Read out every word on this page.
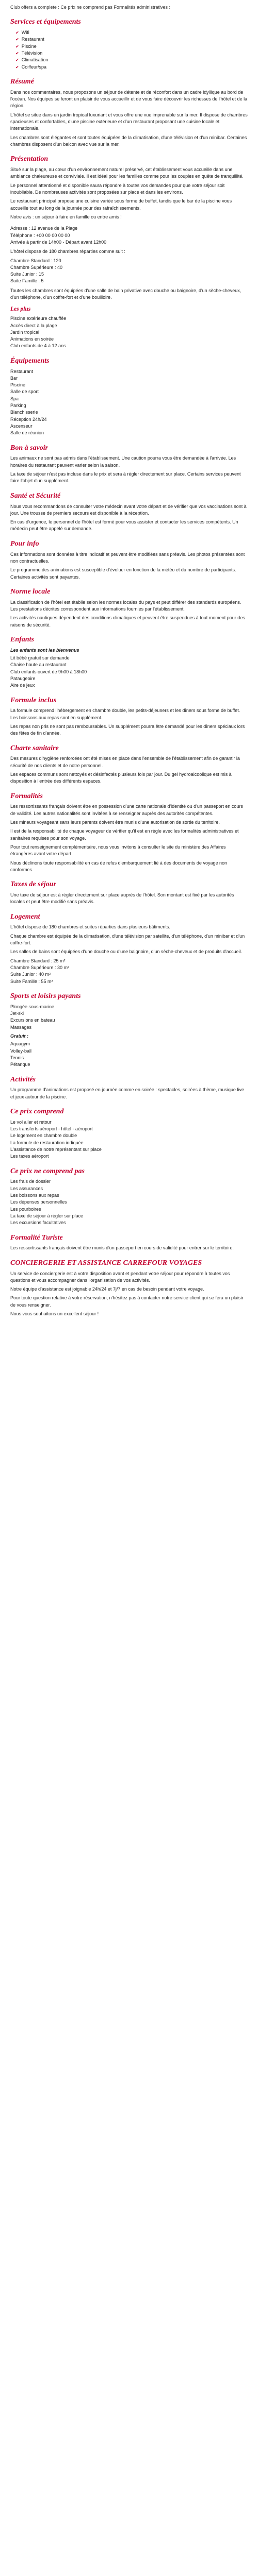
Club offers a complete : Ce prix ne comprend pas Formalités administratives :

Services et équipements
✔ Wifi
✔ Restaurant
✔ Piscine
✔ Télévision
✔ Climatisation
✔ Coiffeur/spa
Résumé

Dans nos commentaires, nous proposons un séjour de détente et de réconfort dans un cadre idyllique au bord de l'océan. Nos équipes se feront un plaisir de vous accueillir et de vous faire découvrir les richesses de l'hôtel et de la région.

L'hôtel se situe dans un jardin tropical luxuriant et vous offre une vue imprenable sur la mer. Il dispose de chambres spacieuses et confortables, d'une piscine extérieure et d'un restaurant proposant une cuisine locale et internationale.

Les chambres sont élégantes et sont toutes équipées de la climatisation, d'une télévision et d'un minibar. Certaines chambres disposent d'un balcon avec vue sur la mer.

Présentation

Situé sur la plage, au cœur d'un environnement naturel préservé, cet établissement vous accueille dans une ambiance chaleureuse et conviviale. Il est idéal pour les familles comme pour les couples en quête de tranquillité.

Le personnel attentionné et disponible saura répondre à toutes vos demandes pour que votre séjour soit inoubliable. De nombreuses activités sont proposées sur place et dans les environs.

Le restaurant principal propose une cuisine variée sous forme de buffet, tandis que le bar de la piscine vous accueille tout au long de la journée pour des rafraîchissements.

Notre avis : un séjour à faire en famille ou entre amis !

Adresse : 12 avenue de la Plage

Téléphone : +00 00 00 00 00

Arrivée à partir de 14h00 - Départ avant 12h00

L'hôtel dispose de 180 chambres réparties comme suit :

Chambre Standard : 120

Chambre Supérieure : 40

Suite Junior : 15

Suite Famille : 5

Toutes les chambres sont équipées d'une salle de bain privative avec douche ou baignoire, d'un sèche-cheveux, d'un téléphone, d'un coffre-fort et d'une bouilloire.

Les plus

Piscine extérieure chauffée

Accès direct à la plage

Jardin tropical

Animations en soirée

Club enfants de 4 à 12 ans

Équipements

Restaurant

Bar

Piscine

Salle de sport

Spa

Parking

Blanchisserie

Réception 24h/24

Ascenseur

Salle de réunion

Bon à savoir

Les animaux ne sont pas admis dans l'établissement. Une caution pourra vous être demandée à l'arrivée. Les horaires du restaurant peuvent varier selon la saison.

La taxe de séjour n'est pas incluse dans le prix et sera à régler directement sur place. Certains services peuvent faire l'objet d'un supplément.

Santé et Sécurité

Nous vous recommandons de consulter votre médecin avant votre départ et de vérifier que vos vaccinations sont à jour. Une trousse de premiers secours est disponible à la réception.

En cas d'urgence, le personnel de l'hôtel est formé pour vous assister et contacter les services compétents. Un médecin peut être appelé sur demande.

Pour info

Ces informations sont données à titre indicatif et peuvent être modifiées sans préavis. Les photos présentées sont non contractuelles.

Le programme des animations est susceptible d'évoluer en fonction de la météo et du nombre de participants. Certaines activités sont payantes.

Norme locale

La classification de l'hôtel est établie selon les normes locales du pays et peut différer des standards européens. Les prestations décrites correspondent aux informations fournies par l'établissement.

Les activités nautiques dépendent des conditions climatiques et peuvent être suspendues à tout moment pour des raisons de sécurité.

Enfants

Les enfants sont les bienvenus

Lit bébé gratuit sur demande

Chaise haute au restaurant

Club enfants ouvert de 9h00 à 18h00

Pataugeoire

Aire de jeux

Formule inclus

La formule comprend l'hébergement en chambre double, les petits-déjeuners et les dîners sous forme de buffet. Les boissons aux repas sont en supplément.

Les repas non pris ne sont pas remboursables. Un supplément pourra être demandé pour les dîners spéciaux lors des fêtes de fin d'année.

Charte sanitaire

Des mesures d'hygiène renforcées ont été mises en place dans l'ensemble de l'établissement afin de garantir la sécurité de nos clients et de notre personnel.

Les espaces communs sont nettoyés et désinfectés plusieurs fois par jour. Du gel hydroalcoolique est mis à disposition à l'entrée des différents espaces.

Formalités

Les ressortissants français doivent être en possession d'une carte nationale d'identité ou d'un passeport en cours de validité. Les autres nationalités sont invitées à se renseigner auprès des autorités compétentes.

Les mineurs voyageant sans leurs parents doivent être munis d'une autorisation de sortie du territoire.

Il est de la responsabilité de chaque voyageur de vérifier qu'il est en règle avec les formalités administratives et sanitaires requises pour son voyage.

Pour tout renseignement complémentaire, nous vous invitons à consulter le site du ministère des Affaires étrangères avant votre départ.

Nous déclinons toute responsabilité en cas de refus d'embarquement lié à des documents de voyage non conformes.

Taxes de séjour

Une taxe de séjour est à régler directement sur place auprès de l'hôtel. Son montant est fixé par les autorités locales et peut être modifié sans préavis.

Logement

L'hôtel dispose de 180 chambres et suites réparties dans plusieurs bâtiments.

Chaque chambre est équipée de la climatisation, d'une télévision par satellite, d'un téléphone, d'un minibar et d'un coffre-fort.

Les salles de bains sont équipées d'une douche ou d'une baignoire, d'un sèche-cheveux et de produits d'accueil.

Chambre Standard : 25 m²

Chambre Supérieure : 30 m²

Suite Junior : 40 m²

Suite Famille : 55 m²

Sports et loisirs payants

Plongée sous-marine

Jet-ski

Excursions en bateau

Massages

Gratuit :

Aquagym

Volley-ball

Tennis

Pétanque

Activités

Un programme d'animations est proposé en journée comme en soirée : spectacles, soirées à thème, musique live et jeux autour de la piscine.

Ce prix comprend

Le vol aller et retour

Les transferts aéroport - hôtel - aéroport

Le logement en chambre double

La formule de restauration indiquée

L'assistance de notre représentant sur place

Les taxes aéroport

Ce prix ne comprend pas

Les frais de dossier

Les assurances

Les boissons aux repas

Les dépenses personnelles

Les pourboires

La taxe de séjour à régler sur place

Les excursions facultatives

Formalité Turiste

Les ressortissants français doivent être munis d'un passeport en cours de validité pour entrer sur le territoire.

CONCIERGERIE ET ASSISTANCE CARREFOUR VOYAGES

Un service de conciergerie est à votre disposition avant et pendant votre séjour pour répondre à toutes vos questions et vous accompagner dans l'organisation de vos activités.

Notre équipe d'assistance est joignable 24h/24 et 7j/7 en cas de besoin pendant votre voyage.

Pour toute question relative à votre réservation, n'hésitez pas à contacter notre service client qui se fera un plaisir de vous renseigner.

Nous vous souhaitons un excellent séjour !
